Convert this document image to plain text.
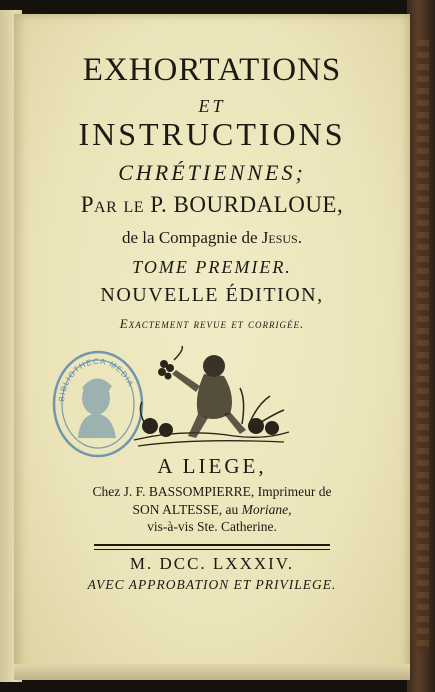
EXHORTATIONS
ET
INSTRUCTIONS
CHRÉTIENNES;
Par le P. BOURDALOUE,
de la Compagnie de Jesus.
TOME PREMIER.
NOUVELLE ÉDITION,
Exactement revue et corrigée.
BIBLIOTHECA MEDIA
A LIEGE,
Chez J. F. BASSOMPIERRE, Imprimeur de
SON ALTESSE, au Moriane,
vis-à-vis Ste. Catherine.
M. DCC. LXXXIV.
AVEC APPROBATION ET PRIVILEGE.
